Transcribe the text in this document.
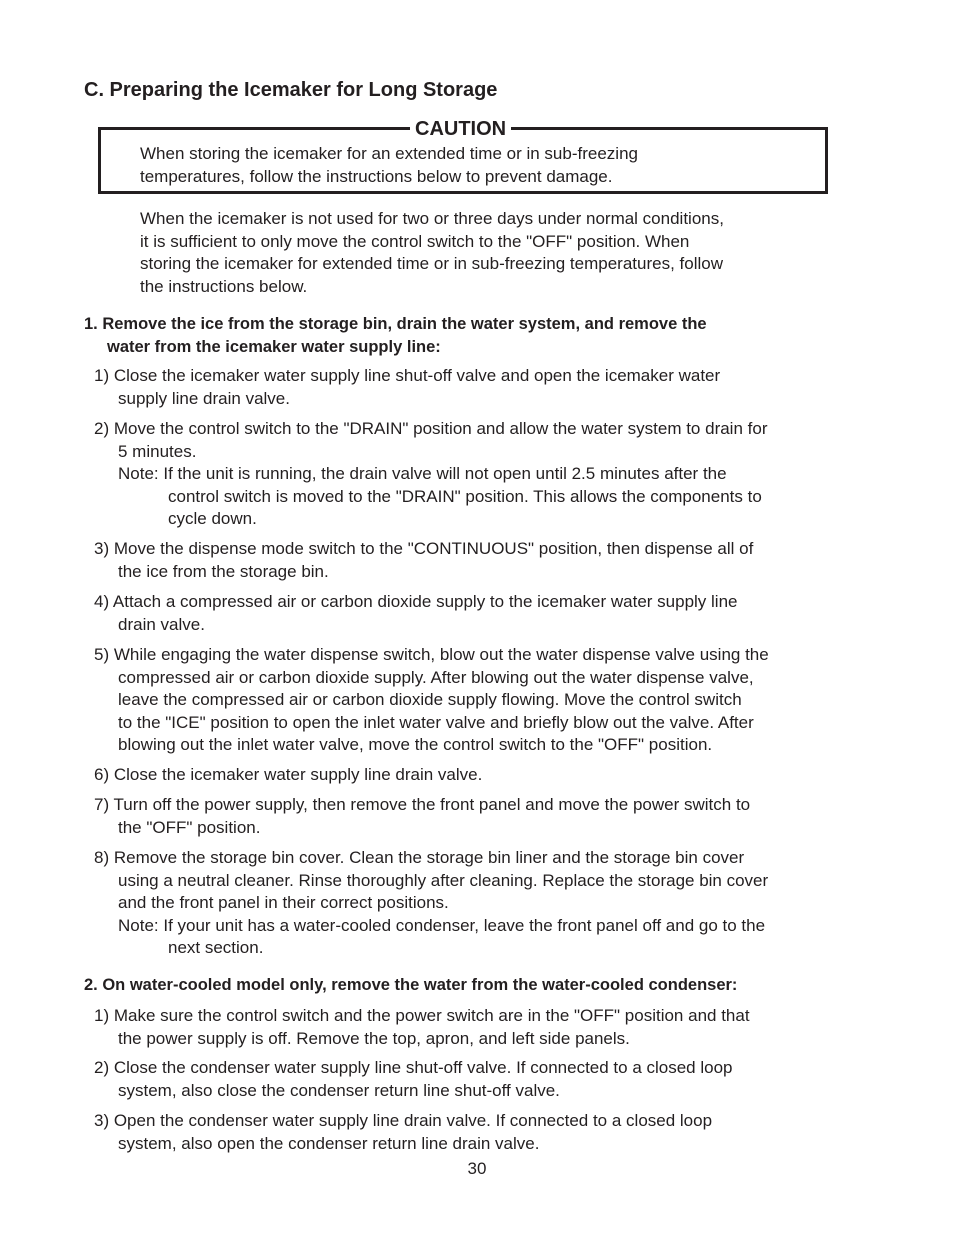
C. Preparing the Icemaker for Long Storage
CAUTION
When storing the icemaker for an extended time or in sub-freezing
temperatures, follow the instructions below to prevent damage.
When the icemaker is not used for two or three days under normal conditions,
it is sufficient to only move the control switch to the "OFF" position. When
storing the icemaker for extended time or in sub-freezing temperatures, follow
the instructions below.
1. Remove the ice from the storage bin, drain the water system, and remove the
water from the icemaker water supply line:
1) Close the icemaker water supply line shut-off valve and open the icemaker water
supply line drain valve.
2) Move the control switch to the "DRAIN" position and allow the water system to drain for
5 minutes.
Note: If the unit is running, the drain valve will not open until 2.5 minutes after the
control switch is moved to the "DRAIN" position. This allows the components to
cycle down.
3) Move the dispense mode switch to the "CONTINUOUS" position, then dispense all of
the ice from the storage bin.
4) Attach a compressed air or carbon dioxide supply to the icemaker water supply line
drain valve.
5) While engaging the water dispense switch, blow out the water dispense valve using the
compressed air or carbon dioxide supply. After blowing out the water dispense valve,
leave the compressed air or carbon dioxide supply flowing. Move the control switch
to the "ICE" position to open the inlet water valve and briefly blow out the valve. After
blowing out the inlet water valve, move the control switch to the "OFF" position.
6) Close the icemaker water supply line drain valve.
7) Turn off the power supply, then remove the front panel and move the power switch to
the "OFF" position.
8) Remove the storage bin cover. Clean the storage bin liner and the storage bin cover
using a neutral cleaner. Rinse thoroughly after cleaning. Replace the storage bin cover
and the front panel in their correct positions.
Note: If your unit has a water-cooled condenser, leave the front panel off and go to the
next section.
2. On water-cooled model only, remove the water from the water-cooled condenser:
1) Make sure the control switch and the power switch are in the "OFF" position and that
the power supply is off. Remove the top, apron, and left side panels.
2) Close the condenser water supply line shut-off valve. If connected to a closed loop
system, also close the condenser return line shut-off valve.
3) Open the condenser water supply line drain valve. If connected to a closed loop
system, also open the condenser return line drain valve.
30
